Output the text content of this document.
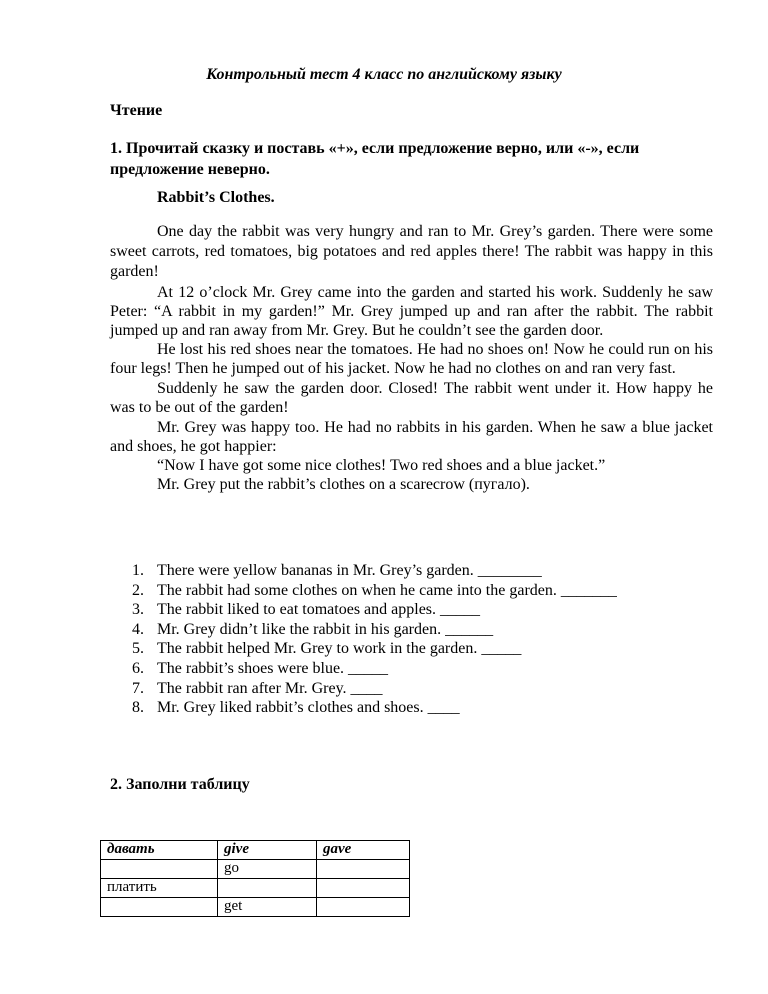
Контрольный тест 4 класс по английскому языку
Чтение
1. Прочитай сказку и поставь «+», если предложение верно, или «-», если предложение неверно.
Rabbit’s Clothes.

One day the rabbit was very hungry and ran to Mr. Grey’s garden. There were some sweet carrots, red tomatoes, big potatoes and red apples there! The rabbit was happy in this garden!

At 12 o’clock Mr. Grey came into the garden and started his work. Suddenly he saw Peter: “A rabbit in my garden!” Mr. Grey jumped up and ran after the rabbit. The rabbit jumped up and ran away from Mr. Grey. But he couldn’t see the garden door.

He lost his red shoes near the tomatoes. He had no shoes on! Now he could run on his four legs! Then he jumped out of his jacket. Now he had no clothes on and ran very fast.

Suddenly he saw the garden door. Closed! The rabbit went under it. How happy he was to be out of the garden!

Mr. Grey was happy too. He had no rabbits in his garden. When he saw a blue jacket and shoes, he got happier:

“Now I have got some nice clothes! Two red shoes and a blue jacket.”

Mr. Grey put the rabbit’s clothes on a scarecrow (пугало).

1. There were yellow bananas in Mr. Grey’s garden. ________
2. The rabbit had some clothes on when he came into the garden. _______
3. The rabbit liked to eat tomatoes and apples. _____
4. Mr. Grey didn’t like the rabbit in his garden. ______
5. The rabbit helped Mr. Grey to work in the garden. _____
6. The rabbit’s shoes were blue. _____
7. The rabbit ran after Mr. Grey. ____
8. Mr. Grey liked rabbit’s clothes and shoes. ____
2. Заполни таблицу
давать	give	gave
	go	
платить		
	get	
